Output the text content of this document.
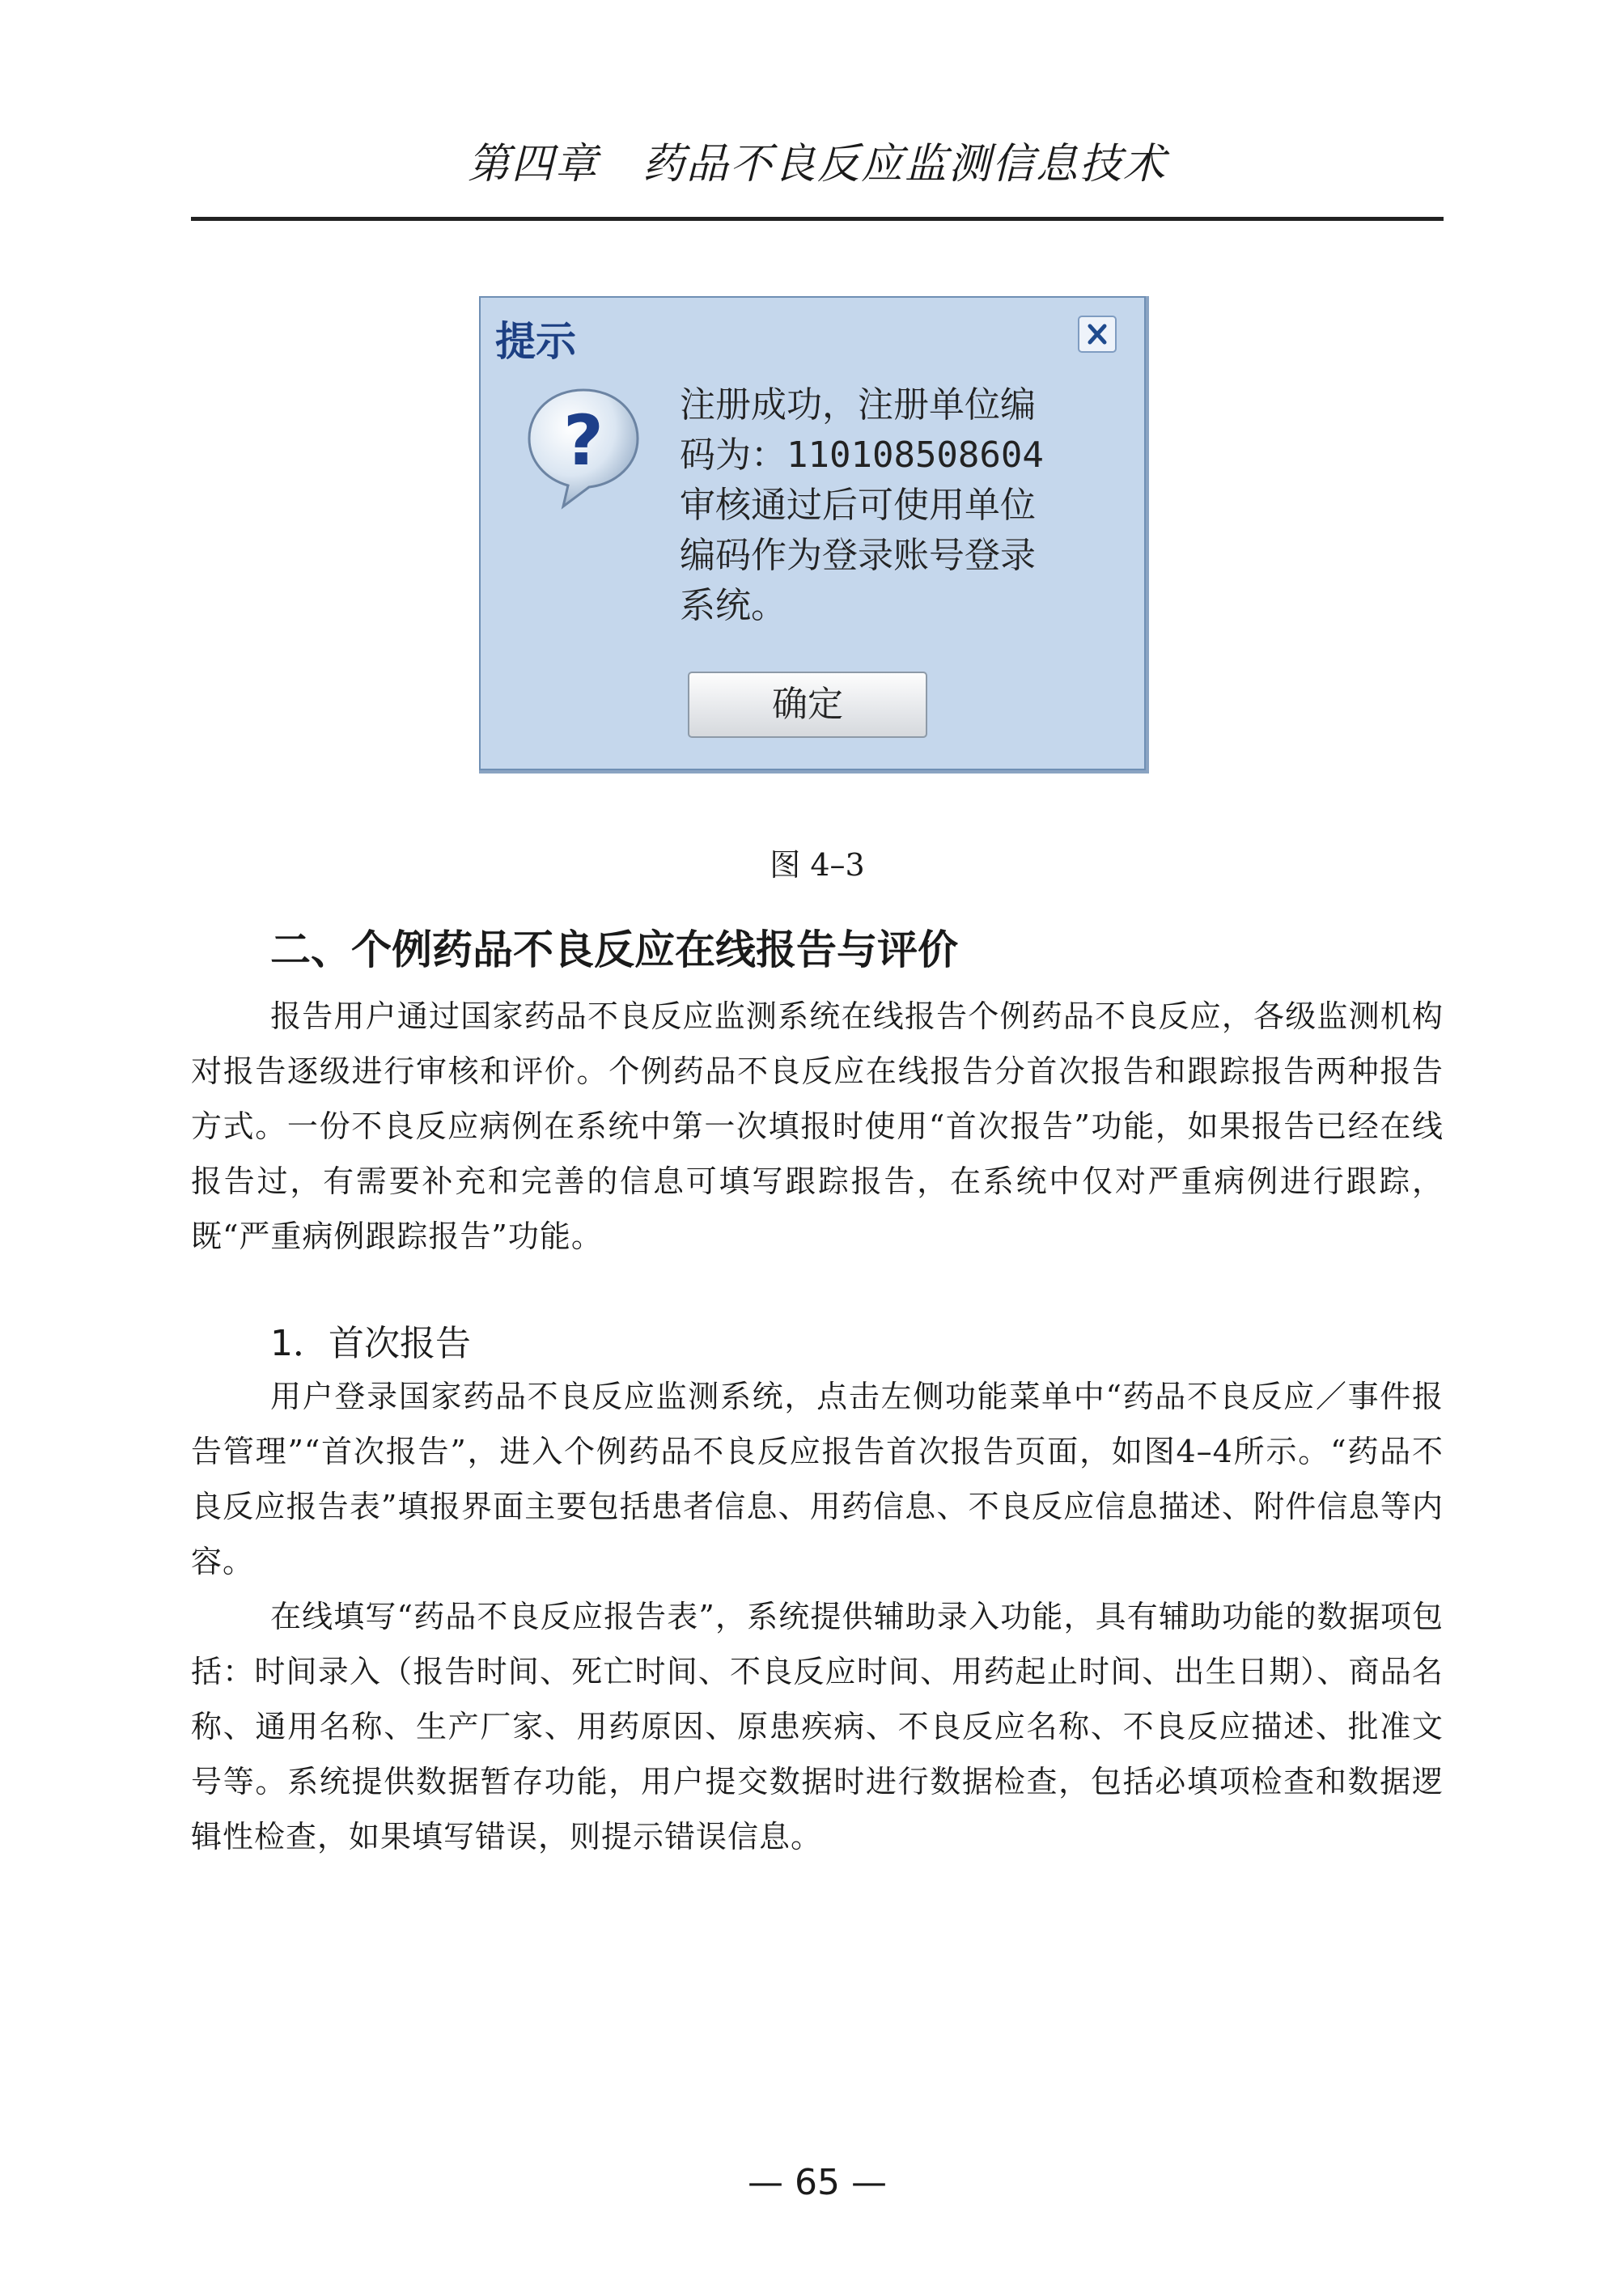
第四章　药品不良反应监测信息技术
提示
? 注册成功，注册单位编
码为：110108508604
审核通过后可使用单位
编码作为登录账号登录
系统。
确定
图 4–3
二、个例药品不良反应在线报告与评价

报告用户通过国家药品不良反应监测系统在线报告个例药品不良反应，各级监测机构对报告逐级进行审核和评价。个例药品不良反应在线报告分首次报告和跟踪报告两种报告方式。一份不良反应病例在系统中第一次填报时使用“首次报告”功能，如果报告已经在线报告过，有需要补充和完善的信息可填写跟踪报告，在系统中仅对严重病例进行跟踪，既“严重病例跟踪报告”功能。

1．首次报告

用户登录国家药品不良反应监测系统，点击左侧功能菜单中“药品不良反应／事件报告管理”“首次报告”，进入个例药品不良反应报告首次报告页面，如图4–4所示。“药品不良反应报告表”填报界面主要包括患者信息、用药信息、不良反应信息描述、附件信息等内容。

在线填写“药品不良反应报告表”，系统提供辅助录入功能，具有辅助功能的数据项包括：时间录入（报告时间、死亡时间、不良反应时间、用药起止时间、出生日期）、商品名称、通用名称、生产厂家、用药原因、原患疾病、不良反应名称、不良反应描述、批准文号等。系统提供数据暂存功能，用户提交数据时进行数据检查，包括必填项检查和数据逻辑性检查，如果填写错误，则提示错误信息。

— 65 —
